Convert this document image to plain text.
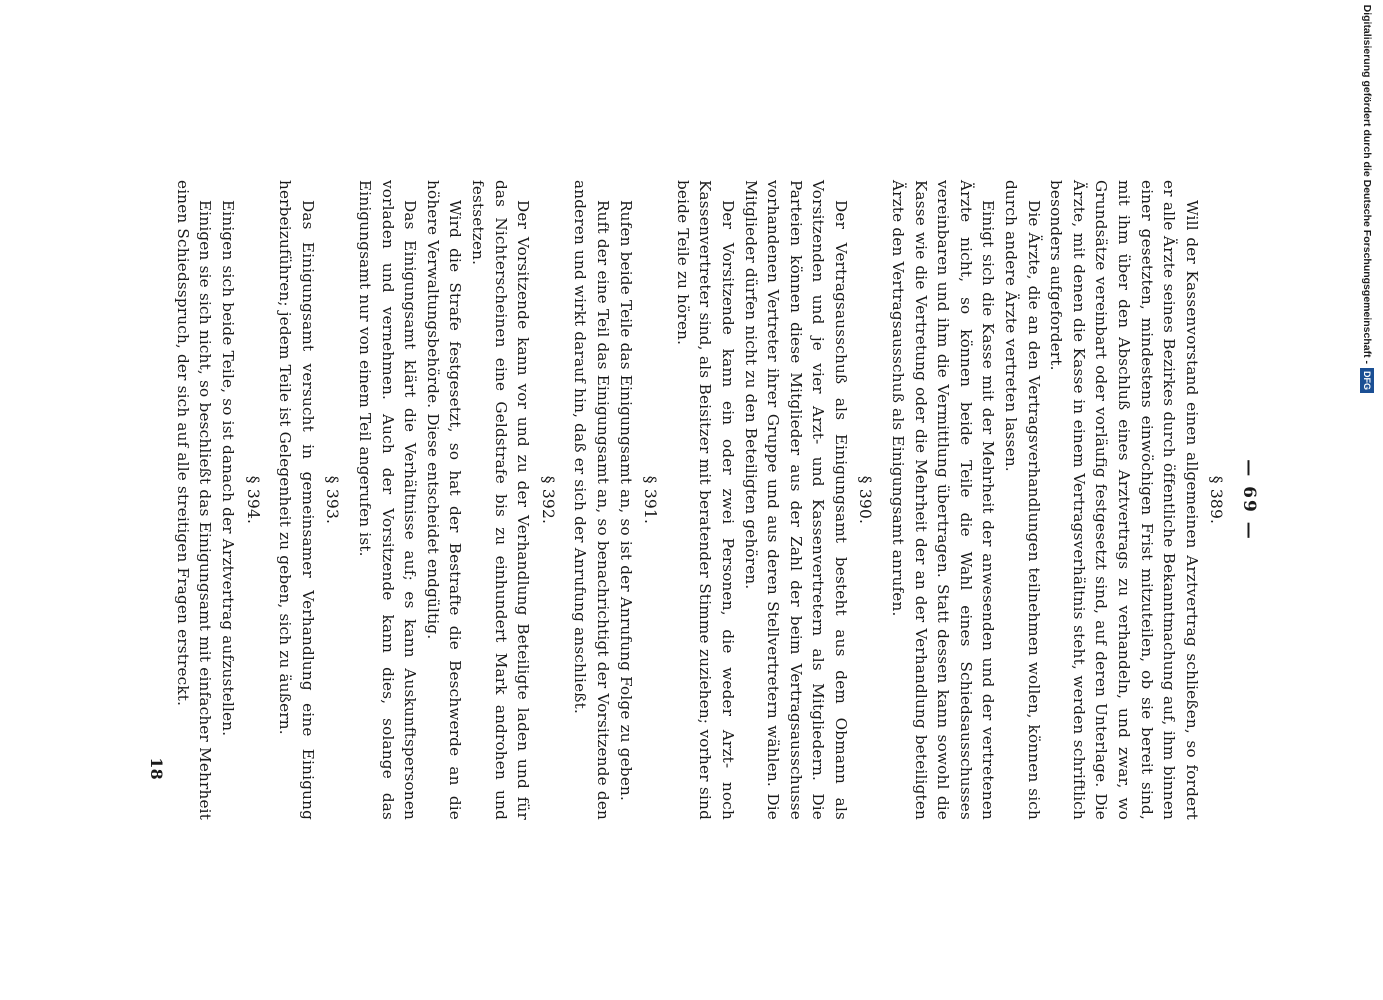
— 69 —
§ 389.

Will der Kassenvorstand einen allgemeinen Arztvertrag schließen, so fordert er alle Ärzte seines Bezirkes durch öffentliche Bekanntmachung auf, ihm binnen einer gesetzten, mindestens einwöchigen Frist mitzuteilen, ob sie bereit sind, mit ihm über den Abschluß eines Arztvertrags zu verhandeln, und zwar, wo Grundsätze vereinbart oder vorläufig festgesetzt sind, auf deren Unterlage. Die Ärzte, mit denen die Kasse in einem Vertragsverhältnis steht, werden schriftlich besonders aufgefordert.

Die Ärzte, die an den Vertragsverhandlungen teilnehmen wollen, können sich durch andere Ärzte vertreten lassen.

Einigt sich die Kasse mit der Mehrheit der anwesenden und der vertretenen Ärzte nicht, so können beide Teile die Wahl eines Schiedsausschusses vereinbaren und ihm die Vermittlung übertragen. Statt dessen kann sowohl die Kasse wie die Vertretung oder die Mehrheit der an der Verhandlung beteiligten Ärzte den Vertragsausschuß als Einigungsamt anrufen.

§ 390.

Der Vertragsausschuß als Einigungsamt besteht aus dem Obmann als Vorsitzenden und je vier Arzt- und Kassenvertretern als Mitgliedern. Die Parteien können diese Mitglieder aus der Zahl der beim Vertragsausschusse vorhandenen Vertreter ihrer Gruppe und aus deren Stellvertretern wählen. Die Mitglieder dürfen nicht zu den Beteiligten gehören.

Der Vorsitzende kann ein oder zwei Personen, die weder Arzt- noch Kassenvertreter sind, als Beisitzer mit beratender Stimme zuziehen; vorher sind beide Teile zu hören.

§ 391.

Rufen beide Teile das Einigungsamt an, so ist der Anrufung Folge zu geben.

Ruft der eine Teil das Einigungsamt an, so benachrichtigt der Vorsitzende den anderen und wirkt darauf hin, daß er sich der Anrufung anschließt.

§ 392.

Der Vorsitzende kann vor und zu der Verhandlung Beteiligte laden und für das Nichterscheinen eine Geldstrafe bis zu einhundert Mark androhen und festsetzen.

Wird die Strafe festgesetzt, so hat der Bestrafte die Beschwerde an die höhere Verwaltungsbehörde. Diese entscheidet endgültig.

Das Einigungsamt klärt die Verhältnisse auf; es kann Auskunftspersonen vorladen und vernehmen. Auch der Vorsitzende kann dies, solange das Einigungsamt nur von einem Teil angerufen ist.

§ 393.

Das Einigungsamt versucht in gemeinsamer Verhandlung eine Einigung herbeizuführen; jedem Teile ist Gelegenheit zu geben, sich zu äußern.

§ 394.

Einigen sich beide Teile, so ist danach der Arztvertrag aufzustellen.

Einigen sie sich nicht, so beschließt das Einigungsamt mit einfacher Mehrheit einen Schiedsspruch, der sich auf alle streitigen Fragen erstreckt.

18
Digitalisierung gefördert durch die Deutsche Forschungsgemeinschaft -
DFG
